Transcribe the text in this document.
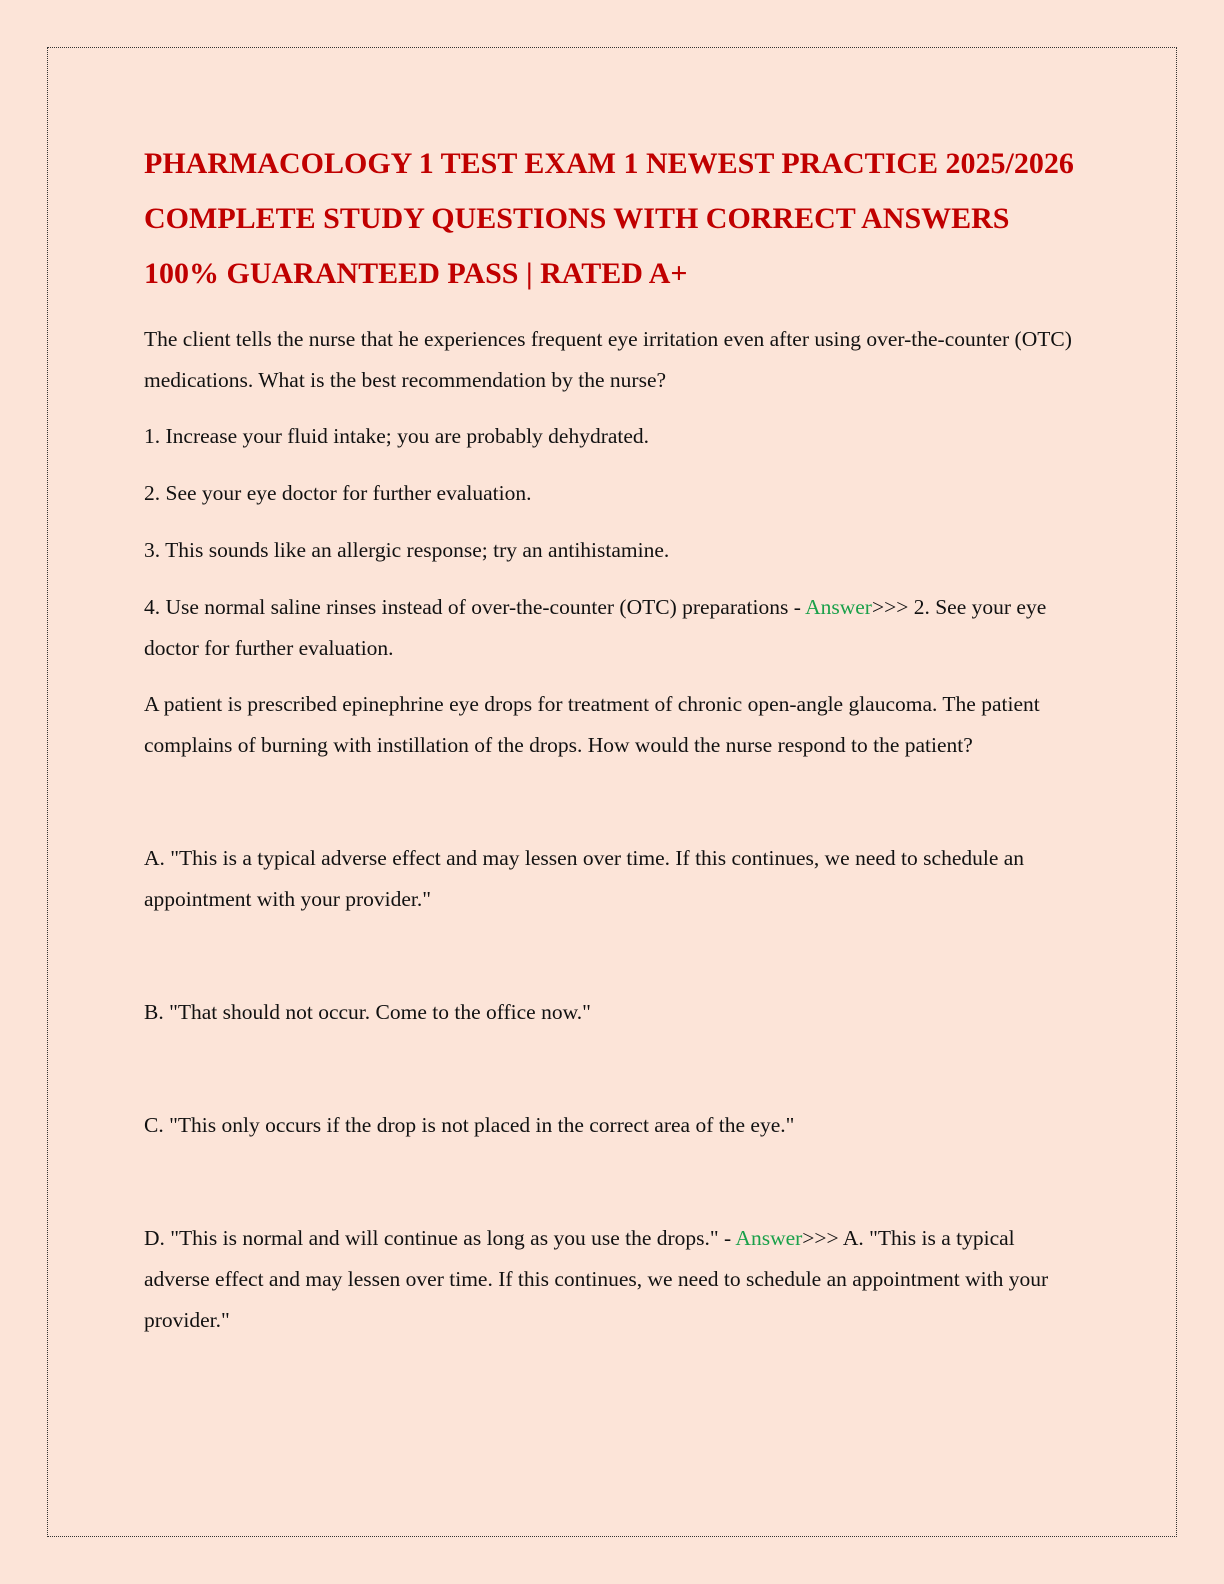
PHARMACOLOGY 1 TEST EXAM 1 NEWEST PRACTICE 2025/2026 COMPLETE STUDY QUESTIONS WITH CORRECT ANSWERS 100% GUARANTEED PASS | RATED A+

The client tells the nurse that he experiences frequent eye irritation even after using over-the-counter (OTC) medications. What is the best recommendation by the nurse?

1. Increase your fluid intake; you are probably dehydrated.

2. See your eye doctor for further evaluation.

3. This sounds like an allergic response; try an antihistamine.

4. Use normal saline rinses instead of over-the-counter (OTC) preparations - Answer>>> 2. See your eye doctor for further evaluation.

A patient is prescribed epinephrine eye drops for treatment of chronic open-angle glaucoma. The patient complains of burning with instillation of the drops. How would the nurse respond to the patient?

A. "This is a typical adverse effect and may lessen over time. If this continues, we need to schedule an appointment with your provider."

B. "That should not occur. Come to the office now."

C. "This only occurs if the drop is not placed in the correct area of the eye."

D. "This is normal and will continue as long as you use the drops." - Answer>>> A. "This is a typical adverse effect and may lessen over time. If this continues, we need to schedule an appointment with your provider."
